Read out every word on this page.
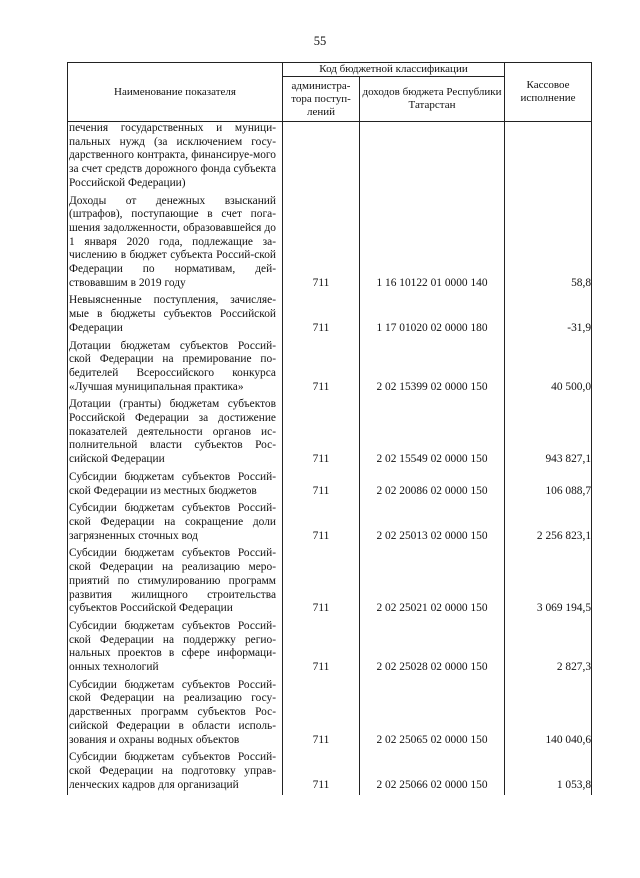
55
Наименование показателя	Код бюджетной классификации		Кассовое исполнение
	администра-тора поступ-лений	доходов бюджета Республики Татарстан	
печения государственных и муници-пальных нужд (за исключением госу-дарственного контракта, финансируе-мого за счет средств дорожного фонда субъекта Российской Федерации)			
Доходы от денежных взысканий (штрафов), поступающие в счет пога-шения задолженности, образовавшейся до 1 января 2020 года, подлежащие за-числению в бюджет субъекта Россий-ской Федерации по нормативам, дей-ствовавшим в 2019 году	711	1 16 10122 01 0000 140	58,8
Невыясненные поступления, зачисляе-мые в бюджеты субъектов Российской Федерации	711	1 17 01020 02 0000 180	-31,9
Дотации бюджетам субъектов Россий-ской Федерации на премирование по-бедителей Всероссийского конкурса «Лучшая муниципальная практика»	711	2 02 15399 02 0000 150	40 500,0
Дотации (гранты) бюджетам субъектов Российской Федерации за достижение показателей деятельности органов ис-полнительной власти субъектов Рос-сийской Федерации	711	2 02 15549 02 0000 150	943 827,1
Субсидии бюджетам субъектов Россий-ской Федерации из местных бюджетов	711	2 02 20086 02 0000 150	106 088,7
Субсидии бюджетам субъектов Россий-ской Федерации на сокращение доли загрязненных сточных вод	711	2 02 25013 02 0000 150	2 256 823,1
Субсидии бюджетам субъектов Россий-ской Федерации на реализацию меро-приятий по стимулированию программ развития жилищного строительства субъектов Российской Федерации	711	2 02 25021 02 0000 150	3 069 194,5
Субсидии бюджетам субъектов Россий-ской Федерации на поддержку регио-нальных проектов в сфере информаци-онных технологий	711	2 02 25028 02 0000 150	2 827,3
Субсидии бюджетам субъектов Россий-ской Федерации на реализацию госу-дарственных программ субъектов Рос-сийской Федерации в области исполь-зования и охраны водных объектов	711	2 02 25065 02 0000 150	140 040,6
Субсидии бюджетам субъектов Россий-ской Федерации на подготовку управ-ленческих кадров для организаций	711	2 02 25066 02 0000 150	1 053,8
